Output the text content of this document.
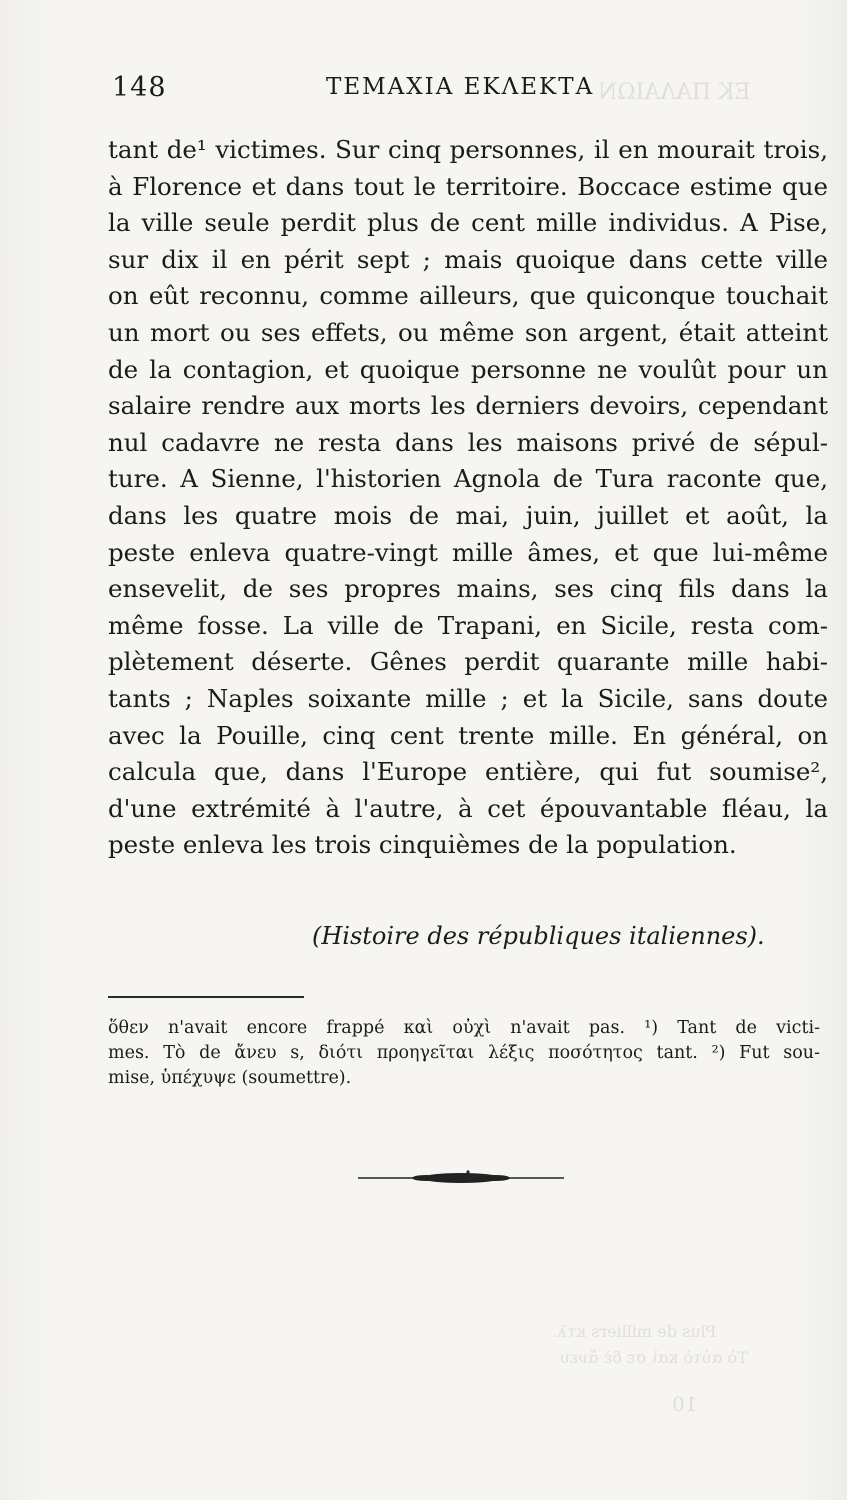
EK ΠΑΛΑΙΩΝ
Plus de milliers κτλ.
Τὸ αὐτὸ καὶ σε δὲ ἄνευ
10
148	ΤΕΜΑΧΙΑ ΕΚΛΕΚΤΑ
tant de¹ victimes. Sur cinq personnes, il en mourait trois,
à Florence et dans tout le territoire. Boccace estime que
la ville seule perdit plus de cent mille individus. A Pise,
sur dix il en périt sept ; mais quoique dans cette ville
on eût reconnu, comme ailleurs, que quiconque touchait
un mort ou ses effets, ou même son argent, était atteint
de la contagion, et quoique personne ne voulût pour un
salaire rendre aux morts les derniers devoirs, cependant
nul cadavre ne resta dans les maisons privé de sépul-
ture. A Sienne, l'historien Agnola de Tura raconte que,
dans les quatre mois de mai, juin, juillet et août, la
peste enleva quatre-vingt mille âmes, et que lui-même
ensevelit, de ses propres mains, ses cinq fils dans la
même fosse. La ville de Trapani, en Sicile, resta com-
plètement déserte. Gênes perdit quarante mille habi-
tants ; Naples soixante mille ; et la Sicile, sans doute
avec la Pouille, cinq cent trente mille. En général, on
calcula que, dans l'Europe entière, qui fut soumise²,
d'une extrémité à l'autre, à cet épouvantable fléau, la
peste enleva les trois cinquièmes de la population.
(Histoire des républiques italiennes).
ὅθεν n'avait encore frappé καὶ οὐχὶ n'avait pas. ¹) Tant de victi-
mes. Τὸ de ἄνευ s, διότι προηγεῖται λέξις ποσότητος tant. ²) Fut sou-
mise, ὑπέχυψε (soumettre).
